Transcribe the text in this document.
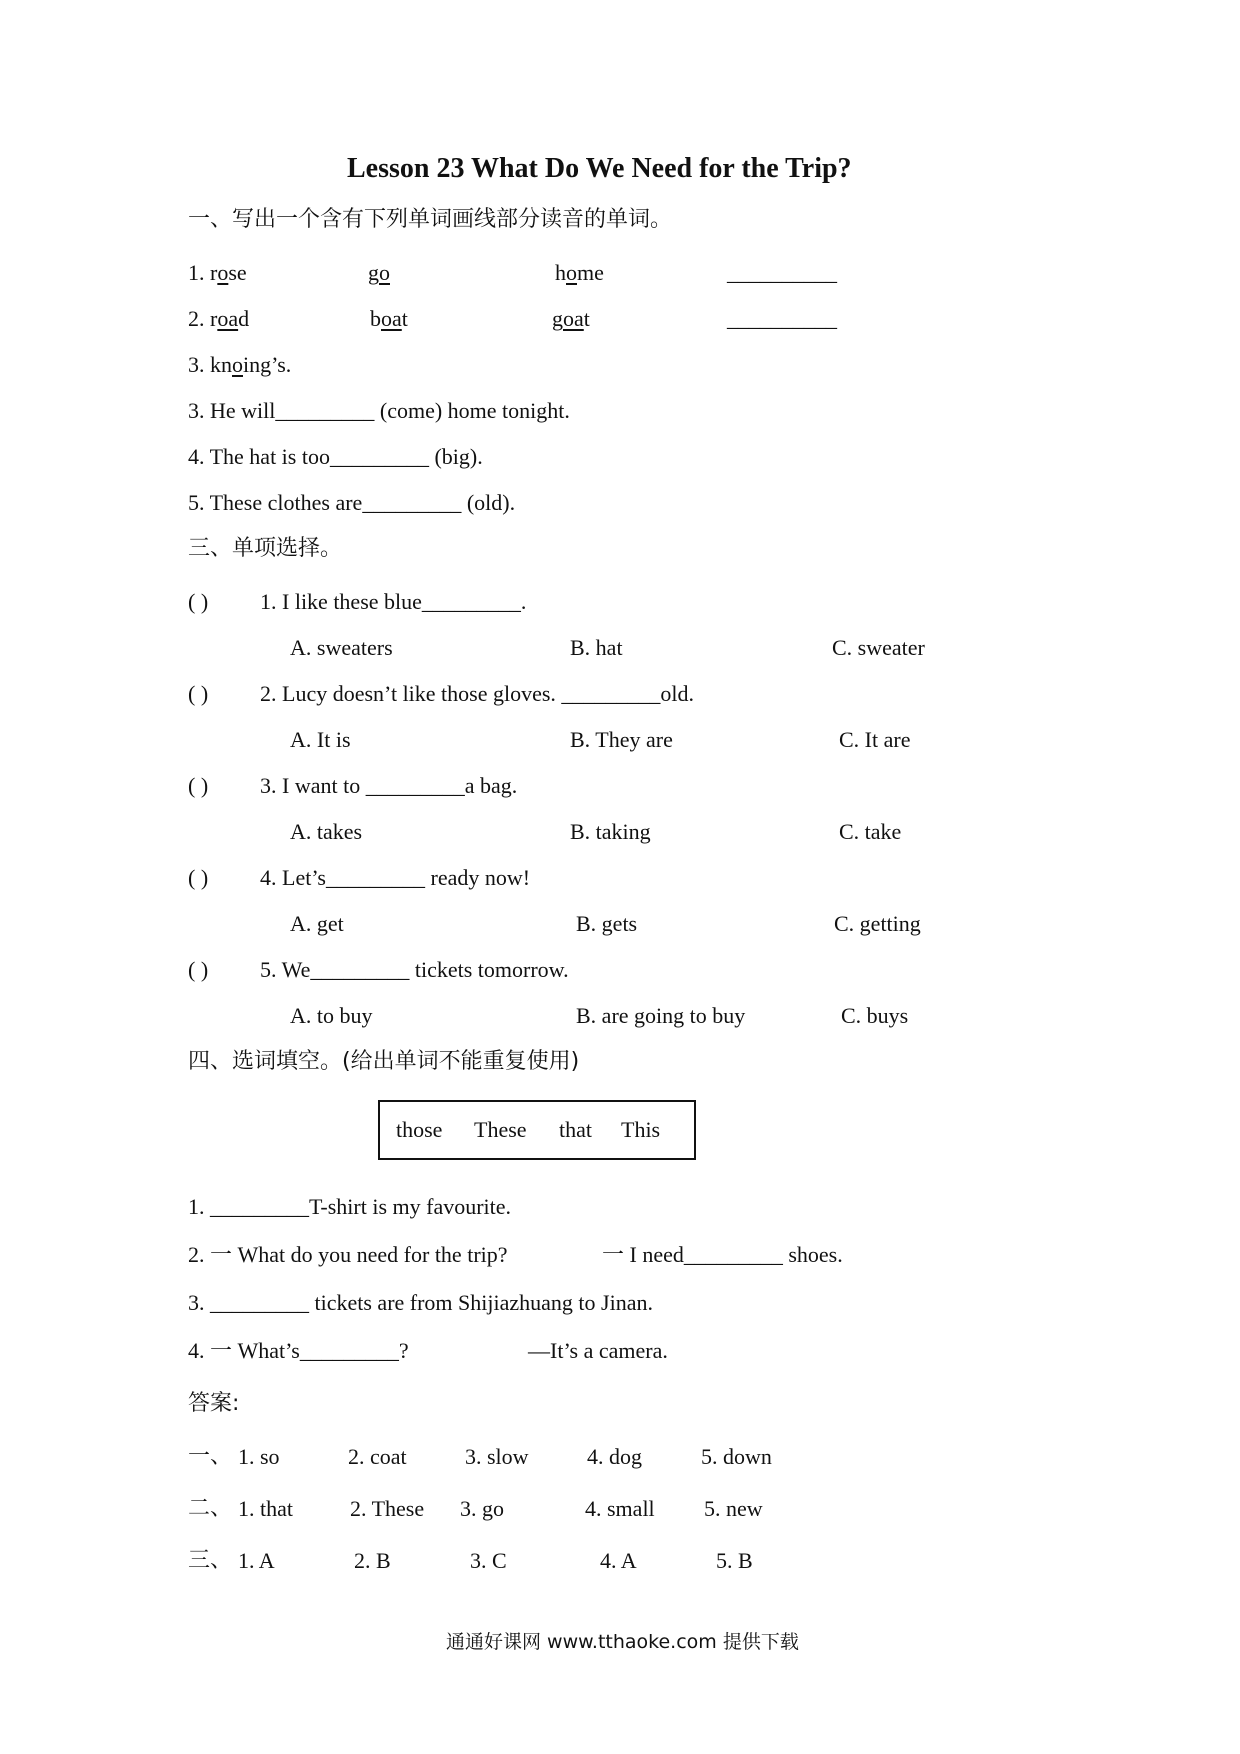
Lesson 23 What Do We Need for the Trip?
一、写出一个含有下列单词画线部分读音的单词。
1. rose	go	home	__________
2. road	boat	goat	__________
3. knoing’s.
3. He will_________ (come) home tonight.
4. The hat is too_________ (big).
5. These clothes are_________ (old).
三、单项选择。
( ) 1. I like these blue_________.
A. sweaters	B. hat	C. sweater
( ) 2. Lucy doesn’t like those gloves. _________old.
A. It is	B. They are	C. It are
( ) 3. I want to _________a bag.
A. takes	B. taking	C. take
( ) 4. Let’s_________ ready now!
A. get	B. gets	C. getting
( ) 5. We_________ tickets tomorrow.
A. to buy	B. are going to buy	C. buys
四、选词填空。(给出单词不能重复使用)
those These that This
1. _________T-shirt is my favourite.
2. 一 What do you need for the trip?	一 I need_________ shoes.
3. _________ tickets are from Shijiazhuang to Jinan.
4. 一 What’s_________?	—It’s a camera.
答案:
一、 1. so	2. coat	3. slow	4. dog	5. down
二、 1. that	2. These 3. go	4. small 5. new
三、 1. A	2. B	3. C	4. A	5. B
通通好课网 www.tthaoke.com 提供下载
